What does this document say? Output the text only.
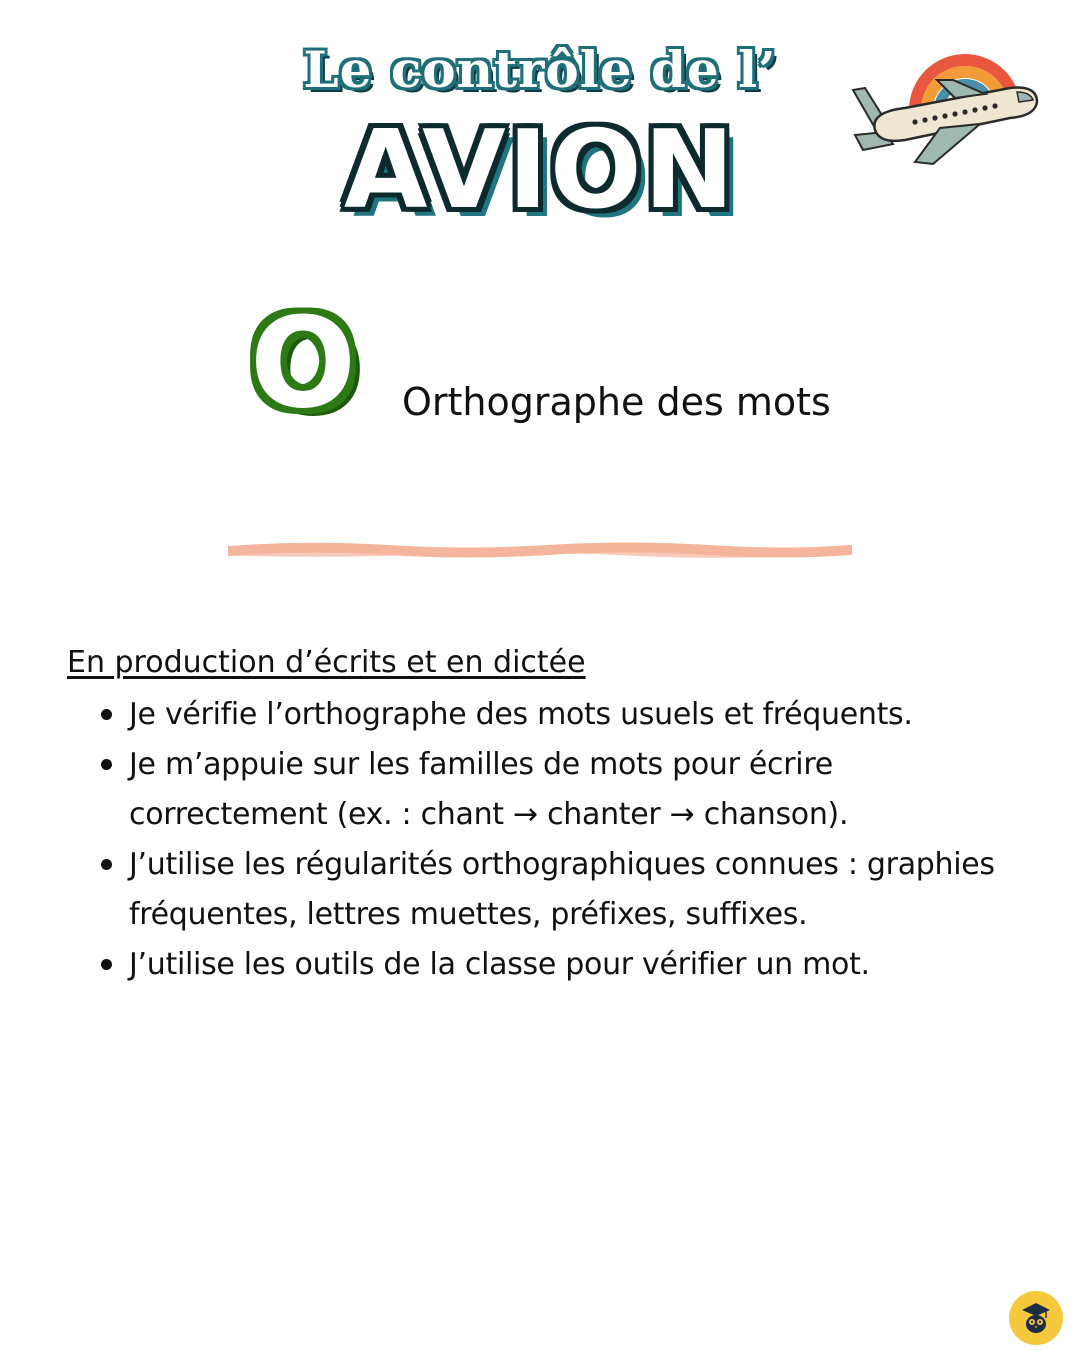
Le contrôle de l’
AVION
O	Orthographe des mots
En production d’écrits et en dictée
Je vérifie l’orthographe des mots usuels et fréquents.
Je m’appuie sur les familles de mots pour écrire correctement (ex. : chant → chanter → chanson).
J’utilise les régularités orthographiques connues : graphies fréquentes, lettres muettes, préfixes, suffixes.
J’utilise les outils de la classe pour vérifier un mot.
